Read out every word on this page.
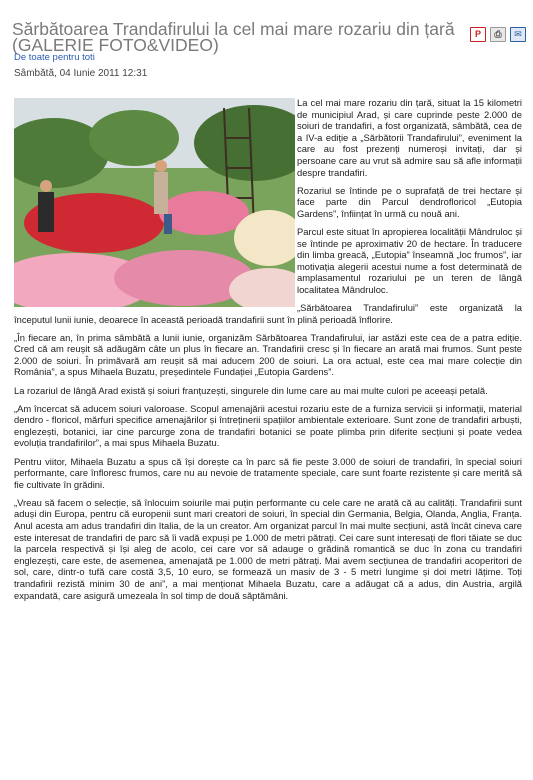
Sărbătoarea Trandafirului la cel mai mare rozariu din țară (GALERIE FOTO&VIDEO)
P	⎙	✉
De toate pentru toti
Sâmbătă, 04 Iunie 2011 12:31

La cel mai mare rozariu din țară, situat la 15 kilometri de municipiul Arad, și care cuprinde peste 2.000 de soiuri de trandafiri, a fost organizată, sâmbătă, cea de a IV-a ediție a „Sărbătorii Trandafirului”, eveniment la care au fost prezenți numeroși invitați, dar și persoane care au vrut să admire sau să afle informații despre trandafiri.

Rozariul se întinde pe o suprafață de trei hectare și face parte din Parcul dendrofloricol „Eutopia Gardens”, înființat în urmă cu nouă ani.

Parcul este situat în apropierea localității Mândruloc și se întinde pe aproximativ 20 de hectare. În traducere din limba greacă, „Eutopia” înseamnă „loc frumos”, iar motivația alegerii acestui nume a fost determinată de amplasamentul rozariului pe un teren de lângă localitatea Mândruloc.

„Sărbătoarea Trandafirului” este organizată la începutul lunii iunie, deoarece în această perioadă trandafirii sunt în plină perioadă înflorire.

„În fiecare an, în prima sâmbătă a lunii iunie, organizăm Sărbătoarea Trandafirului, iar astăzi este cea de a patra ediție. Cred că am reușit să adăugăm câte un plus în fiecare an. Trandafirii cresc și în fiecare an arată mai frumos. Sunt peste 2.000 de soiuri. În primăvară am reușit să mai aducem 200 de soiuri. La ora actual, este cea mai mare colecție din România”, a spus Mihaela Buzatu, președintele Fundației „Eutopia Gardens”.

La rozariul de lângă Arad există și soiuri franțuzești, singurele din lume care au mai multe culori pe aceeași petală.

„Am încercat să aducem soiuri valoroase. Scopul amenajării acestui rozariu este de a furniza servicii și informații, material dendro - floricol, mărfuri specifice amenajărilor și întreținerii spațiilor ambientale exterioare. Sunt zone de trandafiri arbuști, englezești, botanici, iar cine parcurge zona de trandafiri botanici se poate plimba prin diferite secțiuni și poate vedea evoluția trandafirilor”, a mai spus Mihaela Buzatu.

Pentru viitor, Mihaela Buzatu a spus că își dorește ca în parc să fie peste 3.000 de soiuri de trandafiri, în special soiuri performante, care înfloresc frumos, care nu au nevoie de tratamente speciale, care sunt foarte rezistente și care merită să fie cultivate în grădini.

„Vreau să facem o selecție, să înlocuim soiurile mai puțin performante cu cele care ne arată că au calități. Trandafirii sunt aduși din Europa, pentru că europenii sunt mari creatori de soiuri, în special din Germania, Belgia, Olanda, Anglia, Franța. Anul acesta am adus trandafiri din Italia, de la un creator. Am organizat parcul în mai multe secțiuni, astă încât cineva care este interesat de trandafiri de parc să îi vadă expuși pe 1.000 de metri pătrați. Cei care sunt interesați de flori tăiate se duc la parcela respectivă și își aleg de acolo, cei care vor să adauge o grădină romantică se duc în zona cu trandafiri englezești, care este, de asemenea, amenajată pe 1.000 de metri pătrați. Mai avem secțiunea de trandafiri acoperitori de sol, care, dintr-o tufă care costă 3,5, 10 euro, se formează un masiv de 3 - 5 metri lungime și doi metri lățime. Toți trandafirii rezistă minim 30 de ani”, a mai menționat Mihaela Buzatu, care a adăugat că a adus, din Austria, argilă expandată, care asigură umezeala în sol timp de două săptămâni.
